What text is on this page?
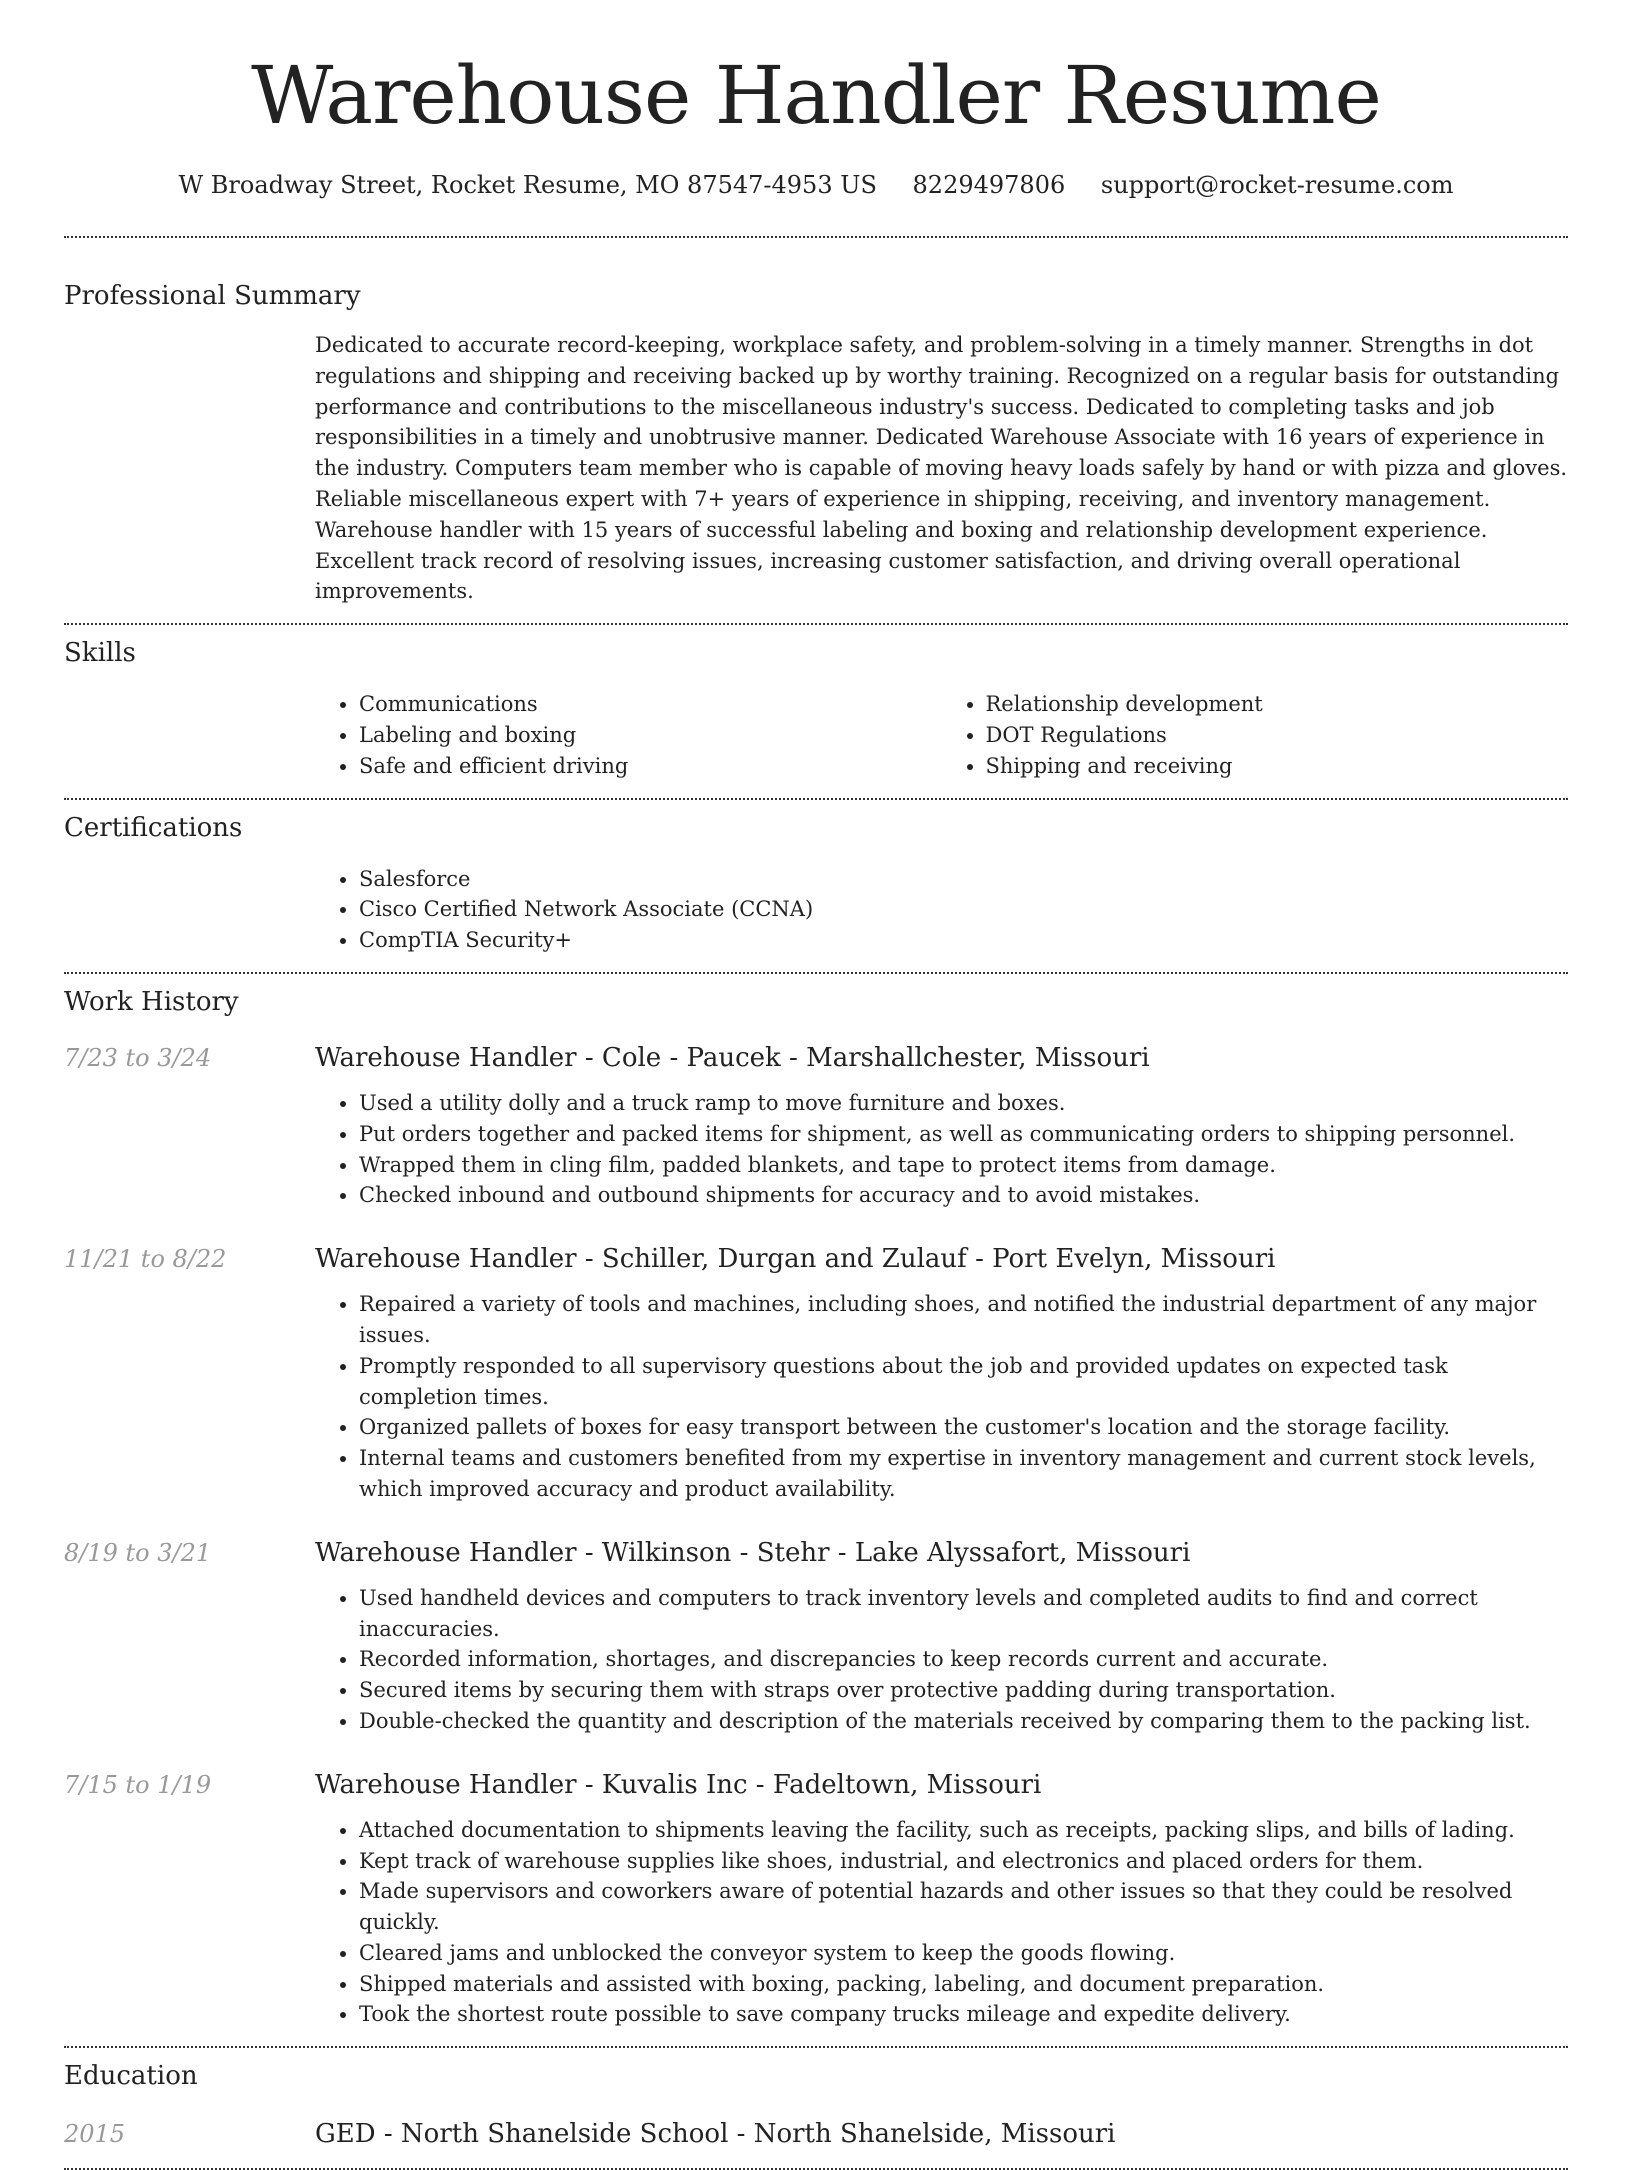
Warehouse Handler Resume
W Broadway Street, Rocket Resume, MO 87547-4953 US 8229497806 support@rocket-resume.com
Professional Summary

Dedicated to accurate record-keeping, workplace safety, and problem-solving in a timely manner. Strengths in dot regulations and shipping and receiving backed up by worthy training. Recognized on a regular basis for outstanding performance and contributions to the miscellaneous industry's success. Dedicated to completing tasks and job responsibilities in a timely and unobtrusive manner. Dedicated Warehouse Associate with 16 years of experience in the industry. Computers team member who is capable of moving heavy loads safely by hand or with pizza and gloves. Reliable miscellaneous expert with 7+ years of experience in shipping, receiving, and inventory management. Warehouse handler with 15 years of successful labeling and boxing and relationship development experience. Excellent track record of resolving issues, increasing customer satisfaction, and driving overall operational improvements.

Skills
• Communications
• Labeling and boxing
• Safe and efficient driving
• Relationship development
• DOT Regulations
• Shipping and receiving
Certifications
• Salesforce
• Cisco Certified Network Associate (CCNA)
• CompTIA Security+
Work History
7/23 to 3/24	Warehouse Handler - Cole - Paucek - Marshallchester, Missouri
• Used a utility dolly and a truck ramp to move furniture and boxes.
• Put orders together and packed items for shipment, as well as communicating orders to shipping personnel.
• Wrapped them in cling film, padded blankets, and tape to protect items from damage.
• Checked inbound and outbound shipments for accuracy and to avoid mistakes.
11/21 to 8/22	Warehouse Handler - Schiller, Durgan and Zulauf - Port Evelyn, Missouri
• Repaired a variety of tools and machines, including shoes, and notified the industrial department of any major issues.
• Promptly responded to all supervisory questions about the job and provided updates on expected task completion times.
• Organized pallets of boxes for easy transport between the customer's location and the storage facility.
• Internal teams and customers benefited from my expertise in inventory management and current stock levels, which improved accuracy and product availability.
8/19 to 3/21	Warehouse Handler - Wilkinson - Stehr - Lake Alyssafort, Missouri
• Used handheld devices and computers to track inventory levels and completed audits to find and correct inaccuracies.
• Recorded information, shortages, and discrepancies to keep records current and accurate.
• Secured items by securing them with straps over protective padding during transportation.
• Double-checked the quantity and description of the materials received by comparing them to the packing list.
7/15 to 1/19	Warehouse Handler - Kuvalis Inc - Fadeltown, Missouri
• Attached documentation to shipments leaving the facility, such as receipts, packing slips, and bills of lading.
• Kept track of warehouse supplies like shoes, industrial, and electronics and placed orders for them.
• Made supervisors and coworkers aware of potential hazards and other issues so that they could be resolved quickly.
• Cleared jams and unblocked the conveyor system to keep the goods flowing.
• Shipped materials and assisted with boxing, packing, labeling, and document preparation.
• Took the shortest route possible to save company trucks mileage and expedite delivery.
Education
2015	GED - North Shanelside School - North Shanelside, Missouri
